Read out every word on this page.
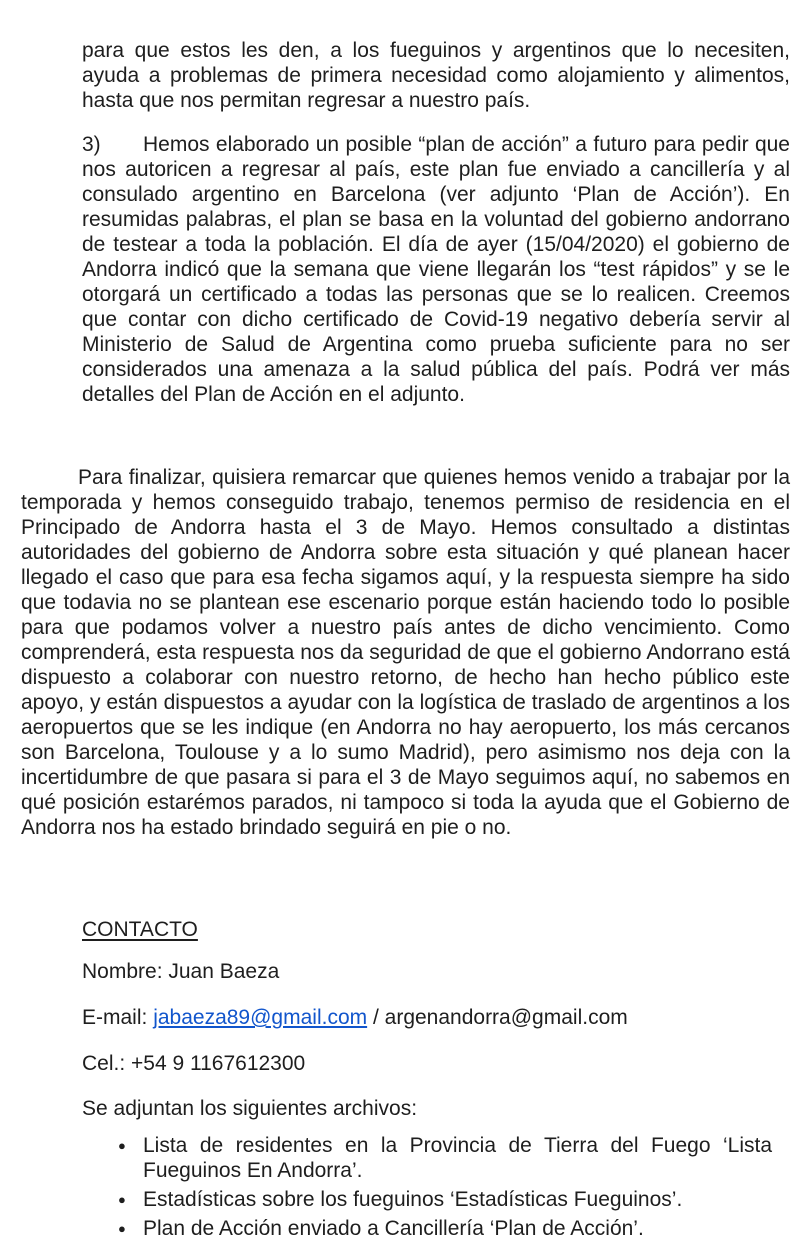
para que estos les den, a los fueguinos y argentinos que lo necesiten, ayuda a problemas de primera necesidad como alojamiento y alimentos, hasta que nos permitan regresar a nuestro país.

3) Hemos elaborado un posible “plan de acción” a futuro para pedir que nos autoricen a regresar al país, este plan fue enviado a cancillería y al consulado argentino en Barcelona (ver adjunto ‘Plan de Acción’). En resumidas palabras, el plan se basa en la voluntad del gobierno andorrano de testear a toda la población. El día de ayer (15/04/2020) el gobierno de Andorra indicó que la semana que viene llegarán los “test rápidos” y se le otorgará un certificado a todas las personas que se lo realicen. Creemos que contar con dicho certificado de Covid-19 negativo debería servir al Ministerio de Salud de Argentina como prueba suficiente para no ser considerados una amenaza a la salud pública del país. Podrá ver más detalles del Plan de Acción en el adjunto.

Para finalizar, quisiera remarcar que quienes hemos venido a trabajar por la temporada y hemos conseguido trabajo, tenemos permiso de residencia en el Principado de Andorra hasta el 3 de Mayo. Hemos consultado a distintas autoridades del gobierno de Andorra sobre esta situación y qué planean hacer llegado el caso que para esa fecha sigamos aquí, y la respuesta siempre ha sido que todavia no se plantean ese escenario porque están haciendo todo lo posible para que podamos volver a nuestro país antes de dicho vencimiento. Como comprenderá, esta respuesta nos da seguridad de que el gobierno Andorrano está dispuesto a colaborar con nuestro retorno, de hecho han hecho público este apoyo, y están dispuestos a ayudar con la logística de traslado de argentinos a los aeropuertos que se les indique (en Andorra no hay aeropuerto, los más cercanos son Barcelona, Toulouse y a lo sumo Madrid), pero asimismo nos deja con la incertidumbre de que pasara si para el 3 de Mayo seguimos aquí, no sabemos en qué posición estarémos parados, ni tampoco si toda la ayuda que el Gobierno de Andorra nos ha estado brindado seguirá en pie o no.

CONTACTO

Nombre: Juan Baeza

E-mail: jabaeza89@gmail.com / argenandorra@gmail.com

Cel.: +54 9 1167612300

Se adjuntan los siguientes archivos:

● Lista de residentes en la Provincia de Tierra del Fuego ‘Lista Fueguinos En Andorra’.
● Estadísticas sobre los fueguinos ‘Estadísticas Fueguinos’.
● Plan de Acción enviado a Cancillería ‘Plan de Acción’.
